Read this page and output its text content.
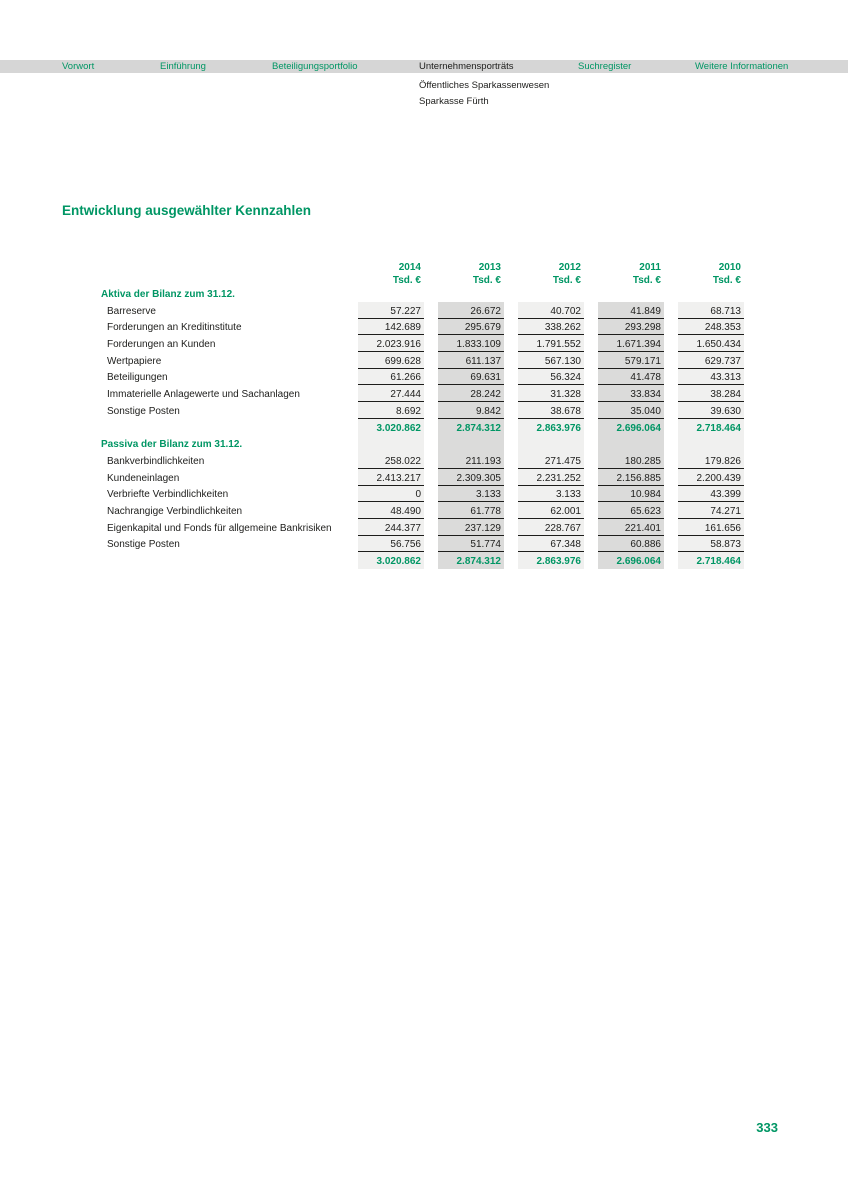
Vorwort	Einführung	Beteiligungsportfolio	Unternehmensporträts	Suchregister	Weitere Informationen
Öffentliches Sparkassenwesen
Sparkasse Fürth
Entwicklung ausgewählter Kennzahlen
2014	2013	2012	2011	2010
Tsd. €	Tsd. €	Tsd. €	Tsd. €	Tsd. €
Aktiva der Bilanz zum 31.12.
Barreserve	57.227	26.672	40.702	41.849	68.713
Forderungen an Kreditinstitute	142.689	295.679	338.262	293.298	248.353
Forderungen an Kunden	2.023.916	1.833.109	1.791.552	1.671.394	1.650.434
Wertpapiere	699.628	611.137	567.130	579.171	629.737
Beteiligungen	61.266	69.631	56.324	41.478	43.313
Immaterielle Anlagewerte und Sachanlagen	27.444	28.242	31.328	33.834	38.284
Sonstige Posten	8.692	9.842	38.678	35.040	39.630
3.020.862	2.874.312	2.863.976	2.696.064	2.718.464
Passiva der Bilanz zum 31.12.
Bankverbindlichkeiten	258.022	211.193	271.475	180.285	179.826
Kundeneinlagen	2.413.217	2.309.305	2.231.252	2.156.885	2.200.439
Verbriefte Verbindlichkeiten	0	3.133	3.133	10.984	43.399
Nachrangige Verbindlichkeiten	48.490	61.778	62.001	65.623	74.271
Eigenkapital und Fonds für allgemeine Bankrisiken	244.377	237.129	228.767	221.401	161.656
Sonstige Posten	56.756	51.774	67.348	60.886	58.873
3.020.862	2.874.312	2.863.976	2.696.064	2.718.464
333
